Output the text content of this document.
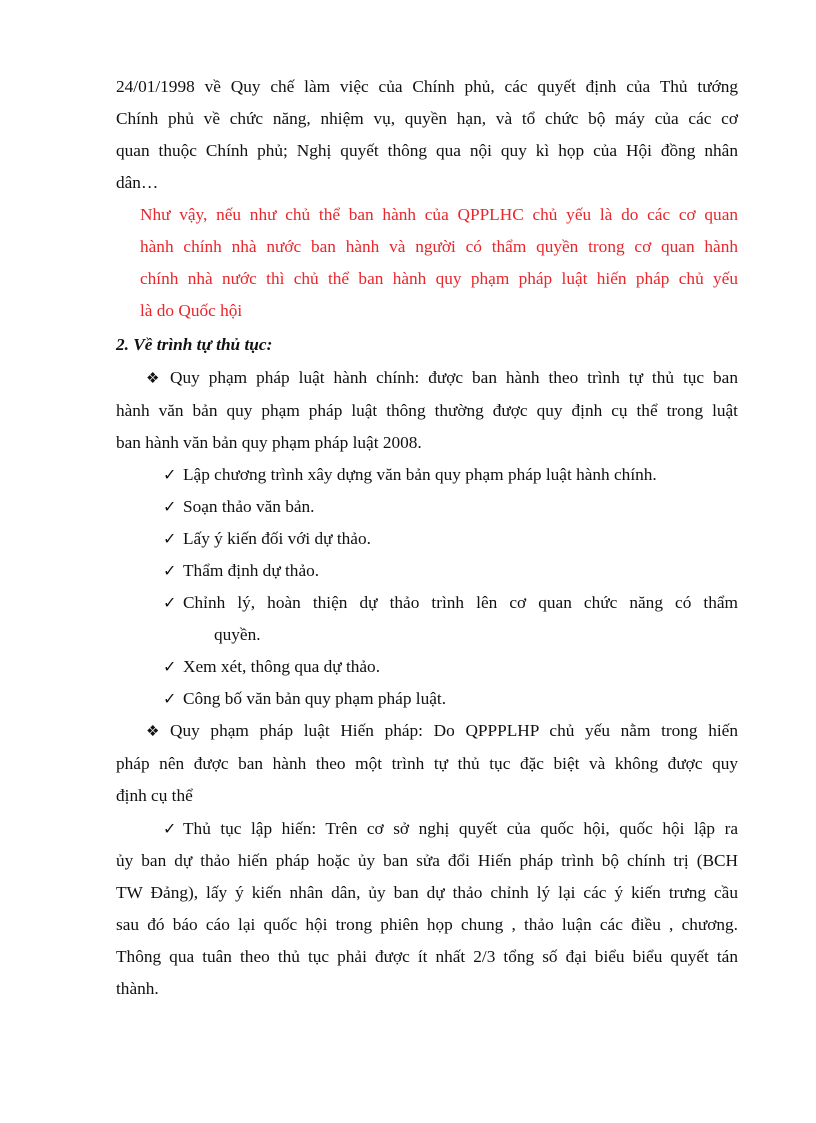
24/01/1998 về Quy chế làm việc của Chính phủ, các quyết định của Thủ tướng
Chính phủ về chức năng, nhiệm vụ, quyền hạn, và tổ chức bộ máy của các cơ
quan thuộc Chính phủ; Nghị quyết thông qua nội quy kì họp của Hội đồng nhân
dân…
Như vậy, nếu như chủ thể ban hành của QPPLHC chủ yếu là do các cơ quan
hành chính nhà nước ban hành và người có thẩm quyền trong cơ quan hành
chính nhà nước thì chủ thể ban hành quy phạm pháp luật hiến pháp chủ yếu
là do Quốc hội
2. Về trình tự thủ tục:
❖ Quy phạm pháp luật hành chính: được ban hành theo trình tự thủ tục ban
hành văn bản quy phạm pháp luật thông thường được quy định cụ thể trong luật
ban hành văn bản quy phạm pháp luật 2008.
✓ Lập chương trình xây dựng văn bản quy phạm pháp luật hành chính.
✓ Soạn thảo văn bản.
✓ Lấy ý kiến đối với dự thảo.
✓ Thẩm định dự thảo.
✓ Chỉnh lý, hoàn thiện dự thảo trình lên cơ quan chức năng có thẩm
quyền.
✓ Xem xét, thông qua dự thảo.
✓ Công bố văn bản quy phạm pháp luật.
❖ Quy phạm pháp luật Hiến pháp: Do QPPPLHP chủ yếu nằm trong hiến
pháp nên được ban hành theo một trình tự thủ tục đặc biệt và không được quy
định cụ thể
✓ Thủ tục lập hiến: Trên cơ sở nghị quyết của quốc hội, quốc hội lập ra
ủy ban dự thảo hiến pháp hoặc ủy ban sửa đổi Hiến pháp trình bộ chính trị (BCH
TW Đảng), lấy ý kiến nhân dân, ủy ban dự thảo chỉnh lý lại các ý kiến trưng cầu
sau đó báo cáo lại quốc hội trong phiên họp chung , thảo luận các điều , chương.
Thông qua tuân theo thủ tục phải được ít nhất 2/3 tổng số đại biểu biểu quyết tán
thành.
